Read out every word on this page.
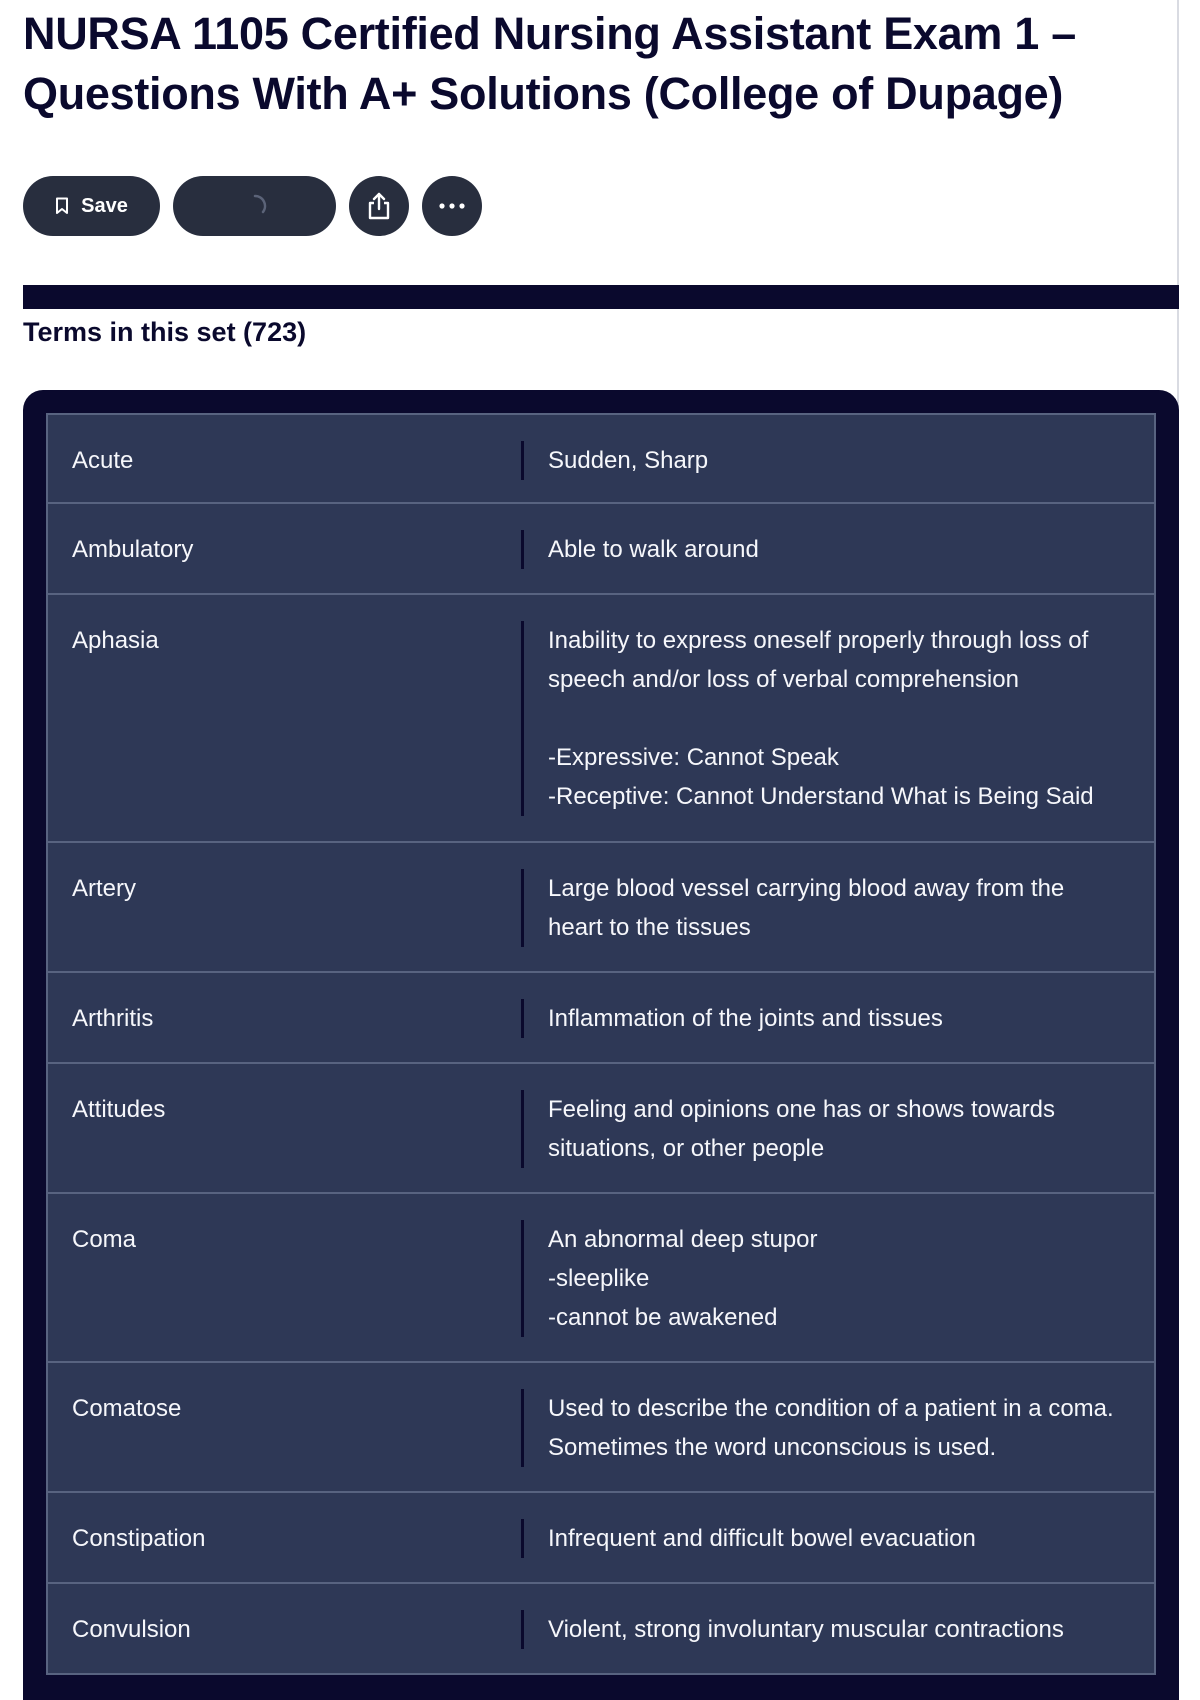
NURSA 1105 Certified Nursing Assistant Exam 1 – Questions With A+ Solutions (College of Dupage)
Save
Terms in this set (723)
Acute	Sudden, Sharp
Ambulatory	Able to walk around
Aphasia	Inability to express oneself properly through loss of speech and/or loss of verbal comprehension

-Expressive: Cannot Speak
-Receptive: Cannot Understand What is Being Said
Artery	Large blood vessel carrying blood away from the heart to the tissues
Arthritis	Inflammation of the joints and tissues
Attitudes	Feeling and opinions one has or shows towards situations, or other people
Coma	An abnormal deep stupor
-sleeplike
-cannot be awakened
Comatose	Used to describe the condition of a patient in a coma. Sometimes the word unconscious is used.
Constipation	Infrequent and difficult bowel evacuation
Convulsion	Violent, strong involuntary muscular contractions
